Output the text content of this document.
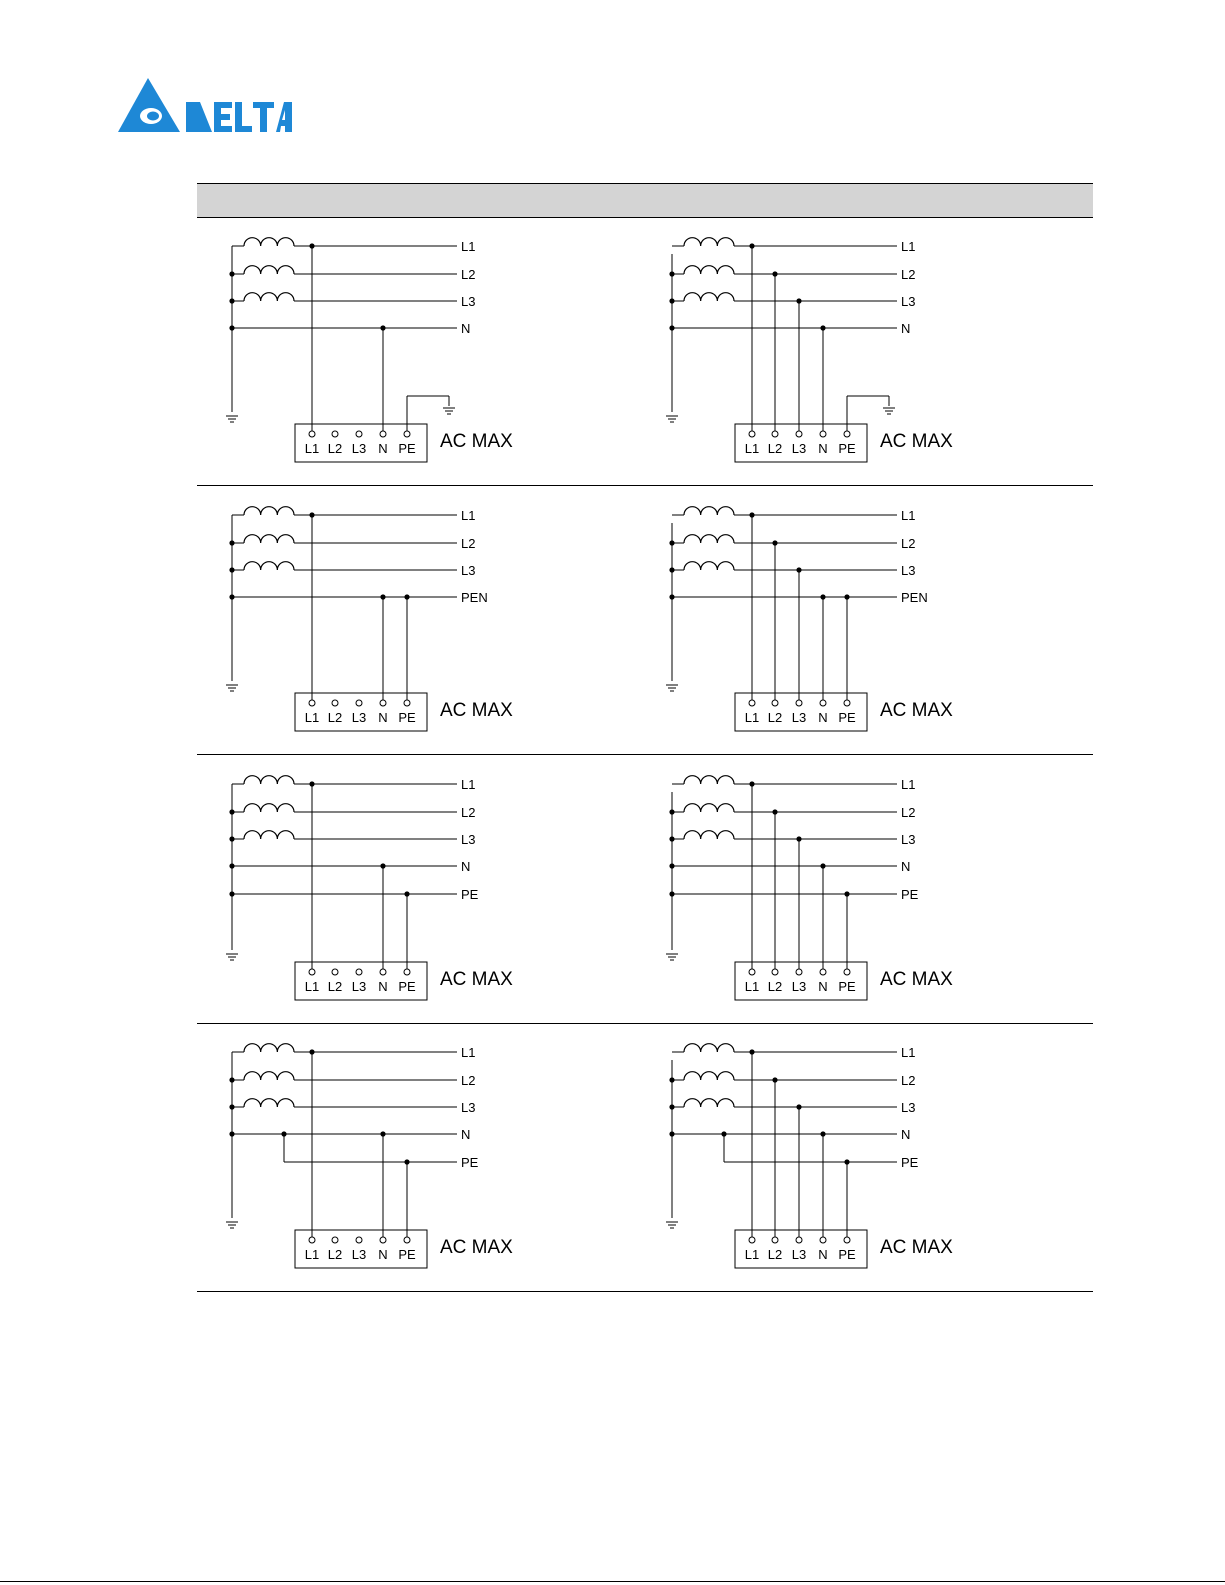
L1
L2
L3
N
L1 L2 L3 N PE AC MAX
L1
L2
L3
N
L1 L2 L3 N PE AC MAX
L1
L2
L3
PEN
L1 L2 L3 N PE AC MAX
L1
L2
L3
PEN
L1 L2 L3 N PE AC MAX
L1
L2
L3
N
PE
L1 L2 L3 N PE AC MAX
L1
L2
L3
N
PE
L1 L2 L3 N PE AC MAX
L1
L2
L3
N
PE
L1 L2 L3 N PE AC MAX
L1
L2
L3
N
PE
L1 L2 L3 N PE AC MAX
